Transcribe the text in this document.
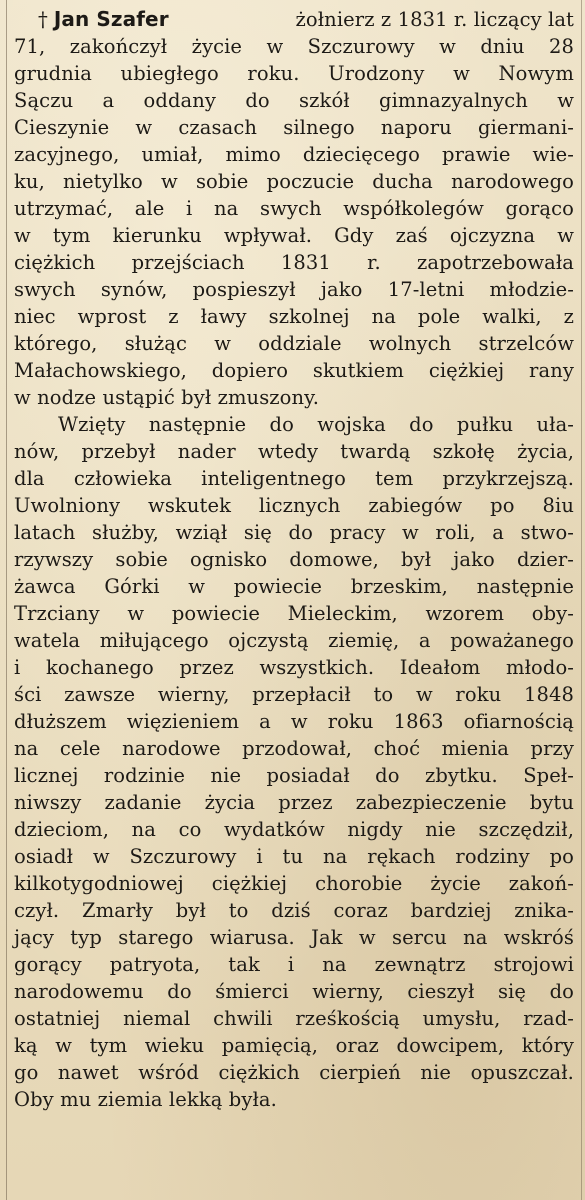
† Jan Szafer	żołnierz z 1831 r. liczący lat
71, zakończył życie w Szczurowy w dniu 28
grudnia ubiegłego roku. Urodzony w Nowym
Sączu a oddany do szkół gimnazyalnych w
Cieszynie w czasach silnego naporu giermani-
zacyjnego, umiał, mimo dziecięcego prawie wie-
ku, nietylko w sobie poczucie ducha narodowego
utrzymać, ale i na swych współkolegów gorąco
w tym kierunku wpływał. Gdy zaś ojczyzna w
ciężkich przejściach 1831 r. zapotrzebowała
swych synów, pospieszył jako 17-letni młodzie-
niec wprost z ławy szkolnej na pole walki, z
którego, służąc w oddziale wolnych strzelców
Małachowskiego, dopiero skutkiem ciężkiej rany
w nodze ustąpić był zmuszony.
Wzięty następnie do wojska do pułku uła-
nów, przebył nader wtedy twardą szkołę życia,
dla człowieka inteligentnego tem przykrzejszą.
Uwolniony wskutek licznych zabiegów po 8iu
latach służby, wziął się do pracy w roli, a stwo-
rzywszy sobie ognisko domowe, był jako dzier-
żawca Górki w powiecie brzeskim, następnie
Trzciany w powiecie Mieleckim, wzorem oby-
watela miłującego ojczystą ziemię, a poważanego
i kochanego przez wszystkich. Ideałom młodo-
ści zawsze wierny, przepłacił to w roku 1848
dłuższem więzieniem a w roku 1863 ofiarnością
na cele narodowe przodował, choć mienia przy
licznej rodzinie nie posiadał do zbytku. Speł-
niwszy zadanie życia przez zabezpieczenie bytu
dzieciom, na co wydatków nigdy nie szczędził,
osiadł w Szczurowy i tu na rękach rodziny po
kilkotygodniowej ciężkiej chorobie życie zakoń-
czył. Zmarły był to dziś coraz bardziej znika-
jący typ starego wiarusa. Jak w sercu na wskróś
gorący patryota, tak i na zewnątrz strojowi
narodowemu do śmierci wierny, cieszył się do
ostatniej niemal chwili rześkością umysłu, rzad-
ką w tym wieku pamięcią, oraz dowcipem, który
go nawet wśród ciężkich cierpień nie opuszczał.
Oby mu ziemia lekką była.
